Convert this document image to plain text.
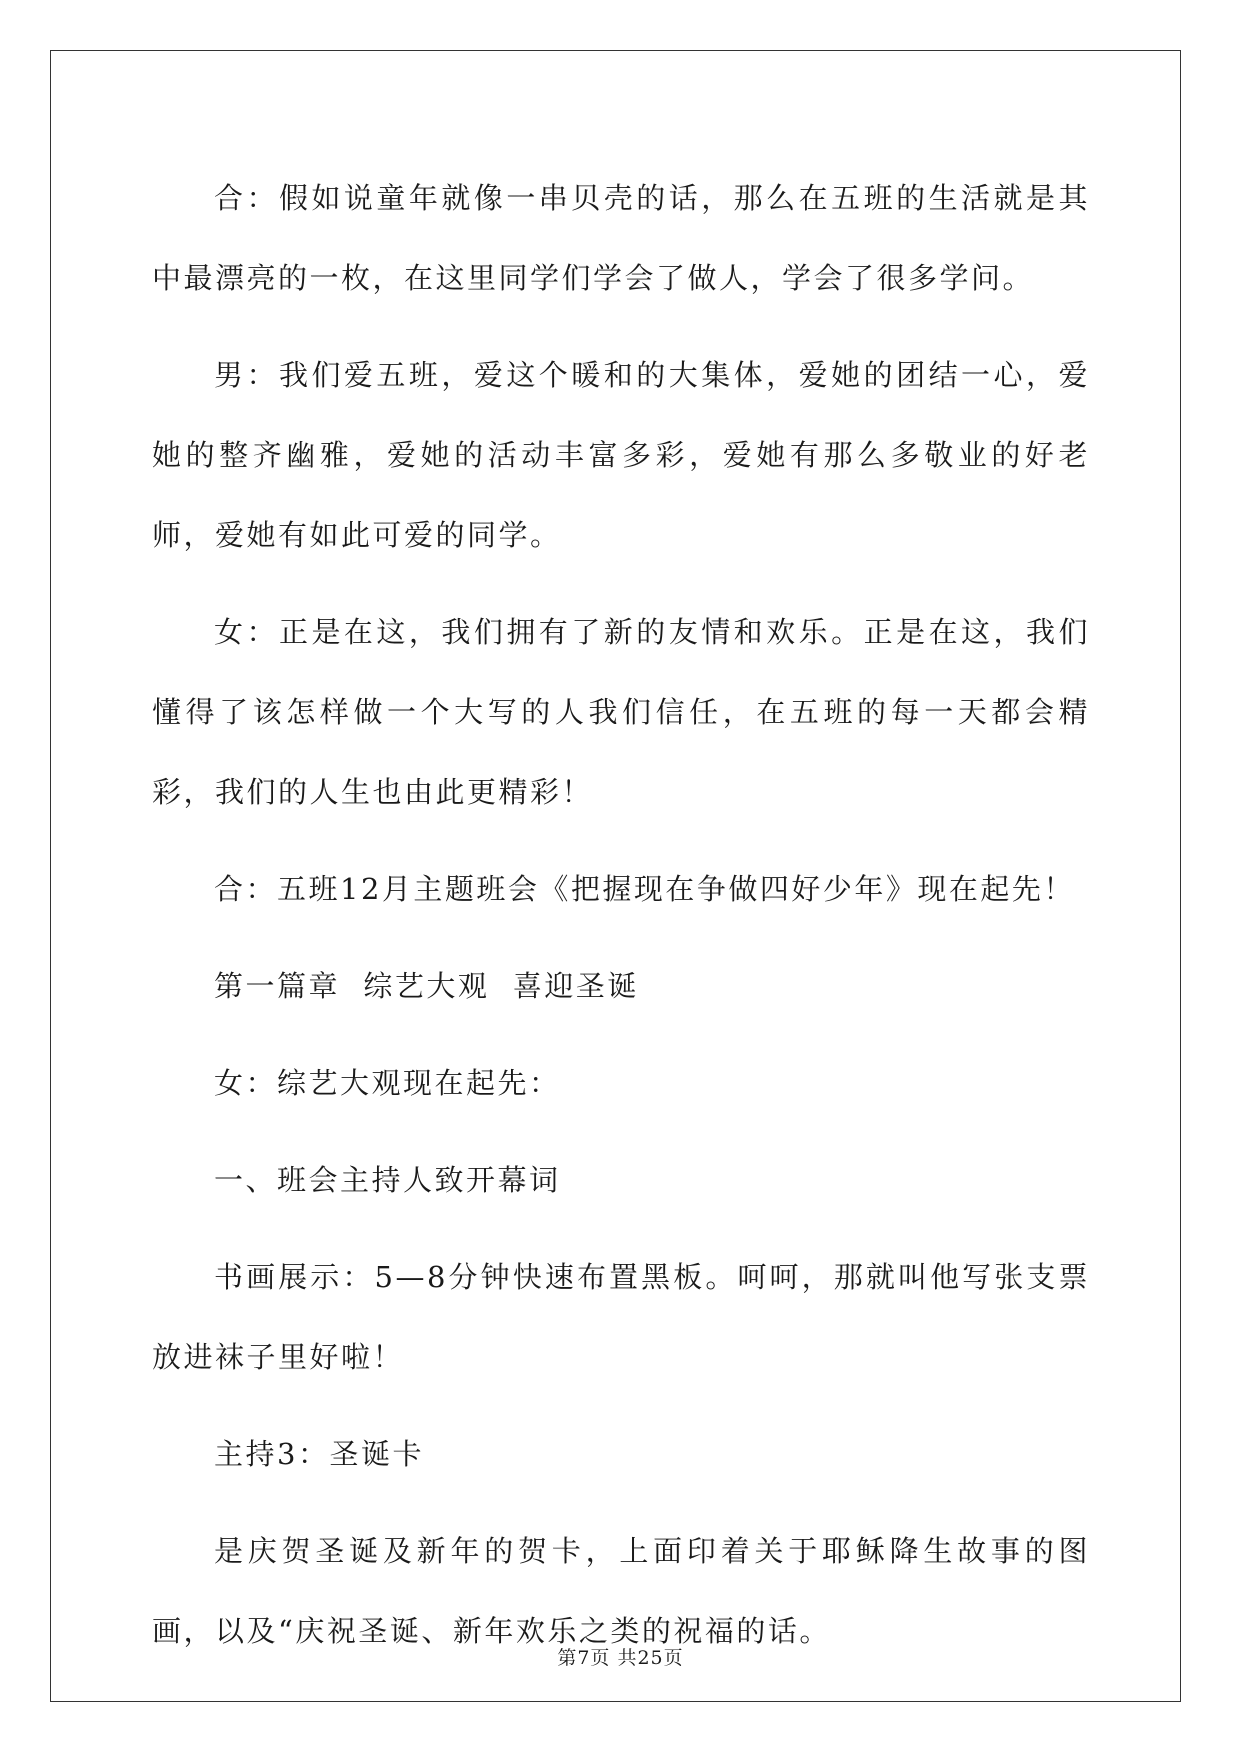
合：假如说童年就像一串贝壳的话，那么在五班的生活就是其中最漂亮的一枚，在这里同学们学会了做人，学会了很多学问。

男：我们爱五班，爱这个暖和的大集体，爱她的团结一心，爱她的整齐幽雅，爱她的活动丰富多彩，爱她有那么多敬业的好老师，爱她有如此可爱的同学。

女：正是在这，我们拥有了新的友情和欢乐。正是在这，我们懂得了该怎样做一个大写的人我们信任，在五班的每一天都会精彩，我们的人生也由此更精彩！

合：五班12月主题班会《把握现在争做四好少年》现在起先！

第一篇章  综艺大观  喜迎圣诞

女：综艺大观现在起先：

一、班会主持人致开幕词

书画展示：5—8分钟快速布置黑板。呵呵，那就叫他写张支票放进袜子里好啦！

主持3：圣诞卡

是庆贺圣诞及新年的贺卡，上面印着关于耶稣降生故事的图画，以及“庆祝圣诞、新年欢乐之类的祝福的话。

第7页 共25页
